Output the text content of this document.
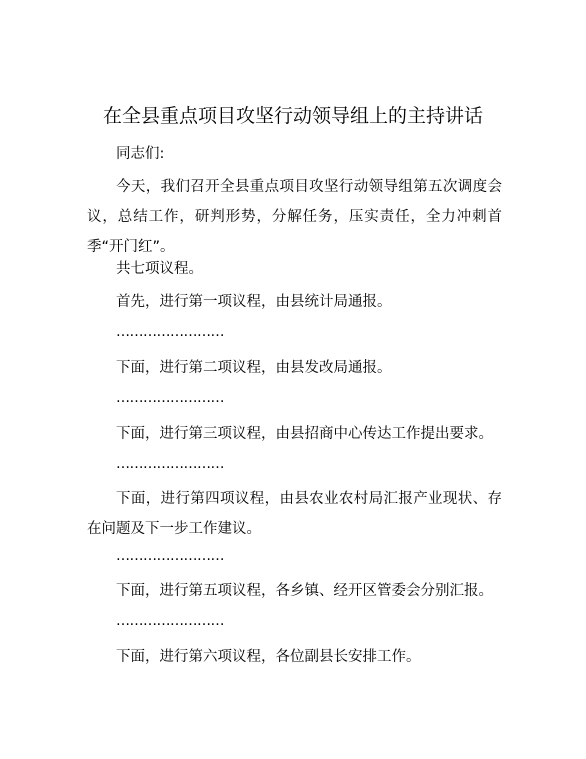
在全县重点项目攻坚行动领导组上的主持讲话
同志们:
今天，我们召开全县重点项目攻坚行动领导组第五次调度会议，总结工作，研判形势，分解任务，压实责任，全力冲刺首季“开门红”。
共七项议程。
首先，进行第一项议程，由县统计局通报。
……………………
下面，进行第二项议程，由县发改局通报。
……………………
下面，进行第三项议程，由县招商中心传达工作提出要求。
……………………
下面，进行第四项议程，由县农业农村局汇报产业现状、存在问题及下一步工作建议。
……………………
下面，进行第五项议程，各乡镇、经开区管委会分别汇报。
……………………
下面，进行第六项议程，各位副县长安排工作。
